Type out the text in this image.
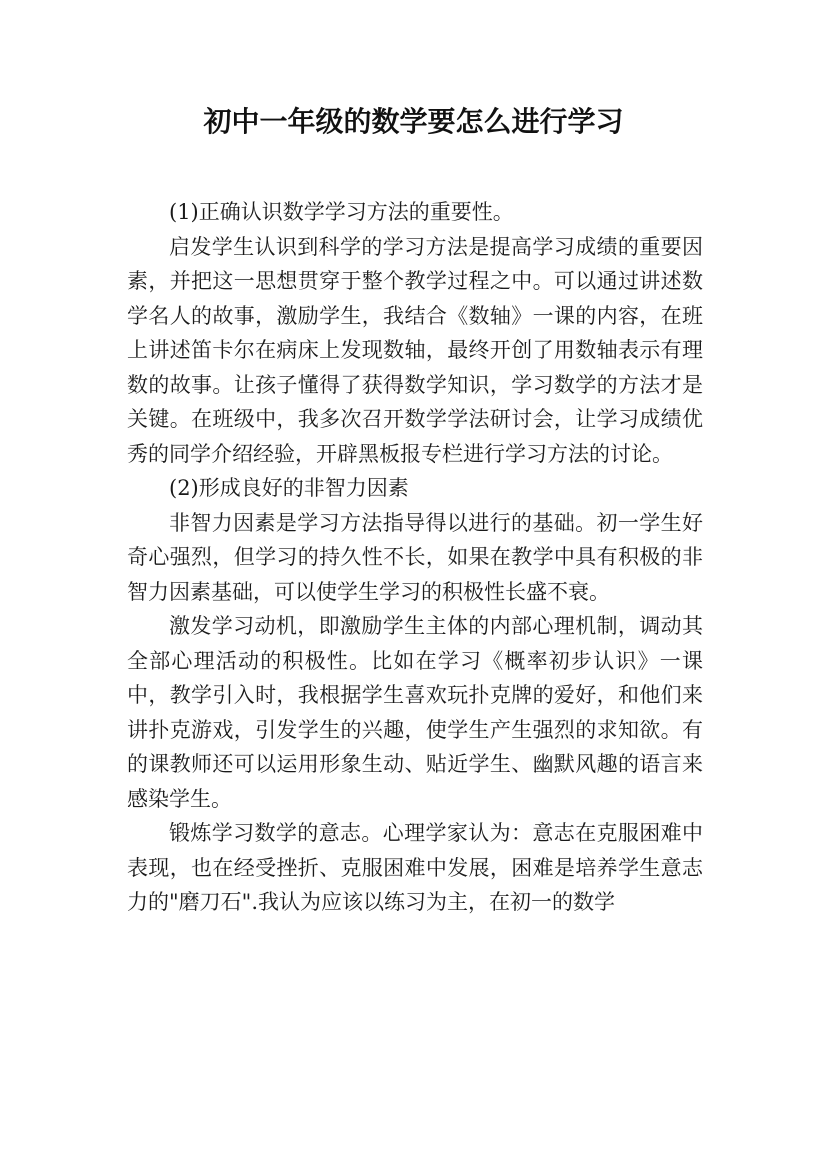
初中一年级的数学要怎么进行学习

(1)正确认识数学学习方法的重要性。

启发学生认识到科学的学习方法是提高学习成绩的重要因素，并把这一思想贯穿于整个教学过程之中。可以通过讲述数学名人的故事，激励学生，我结合《数轴》一课的内容，在班上讲述笛卡尔在病床上发现数轴，最终开创了用数轴表示有理数的故事。让孩子懂得了获得数学知识，学习数学的方法才是关键。在班级中，我多次召开数学学法研讨会，让学习成绩优秀的同学介绍经验，开辟黑板报专栏进行学习方法的讨论。

(2)形成良好的非智力因素

非智力因素是学习方法指导得以进行的基础。初一学生好奇心强烈，但学习的持久性不长，如果在教学中具有积极的非智力因素基础，可以使学生学习的积极性长盛不衰。

激发学习动机，即激励学生主体的内部心理机制，调动其全部心理活动的积极性。比如在学习《概率初步认识》一课中，教学引入时，我根据学生喜欢玩扑克牌的爱好，和他们来讲扑克游戏，引发学生的兴趣，使学生产生强烈的求知欲。有的课教师还可以运用形象生动、贴近学生、幽默风趣的语言来感染学生。

锻炼学习数学的意志。心理学家认为：意志在克服困难中表现，也在经受挫折、克服困难中发展，困难是培养学生意志力的"磨刀石".我认为应该以练习为主，在初一的数学
